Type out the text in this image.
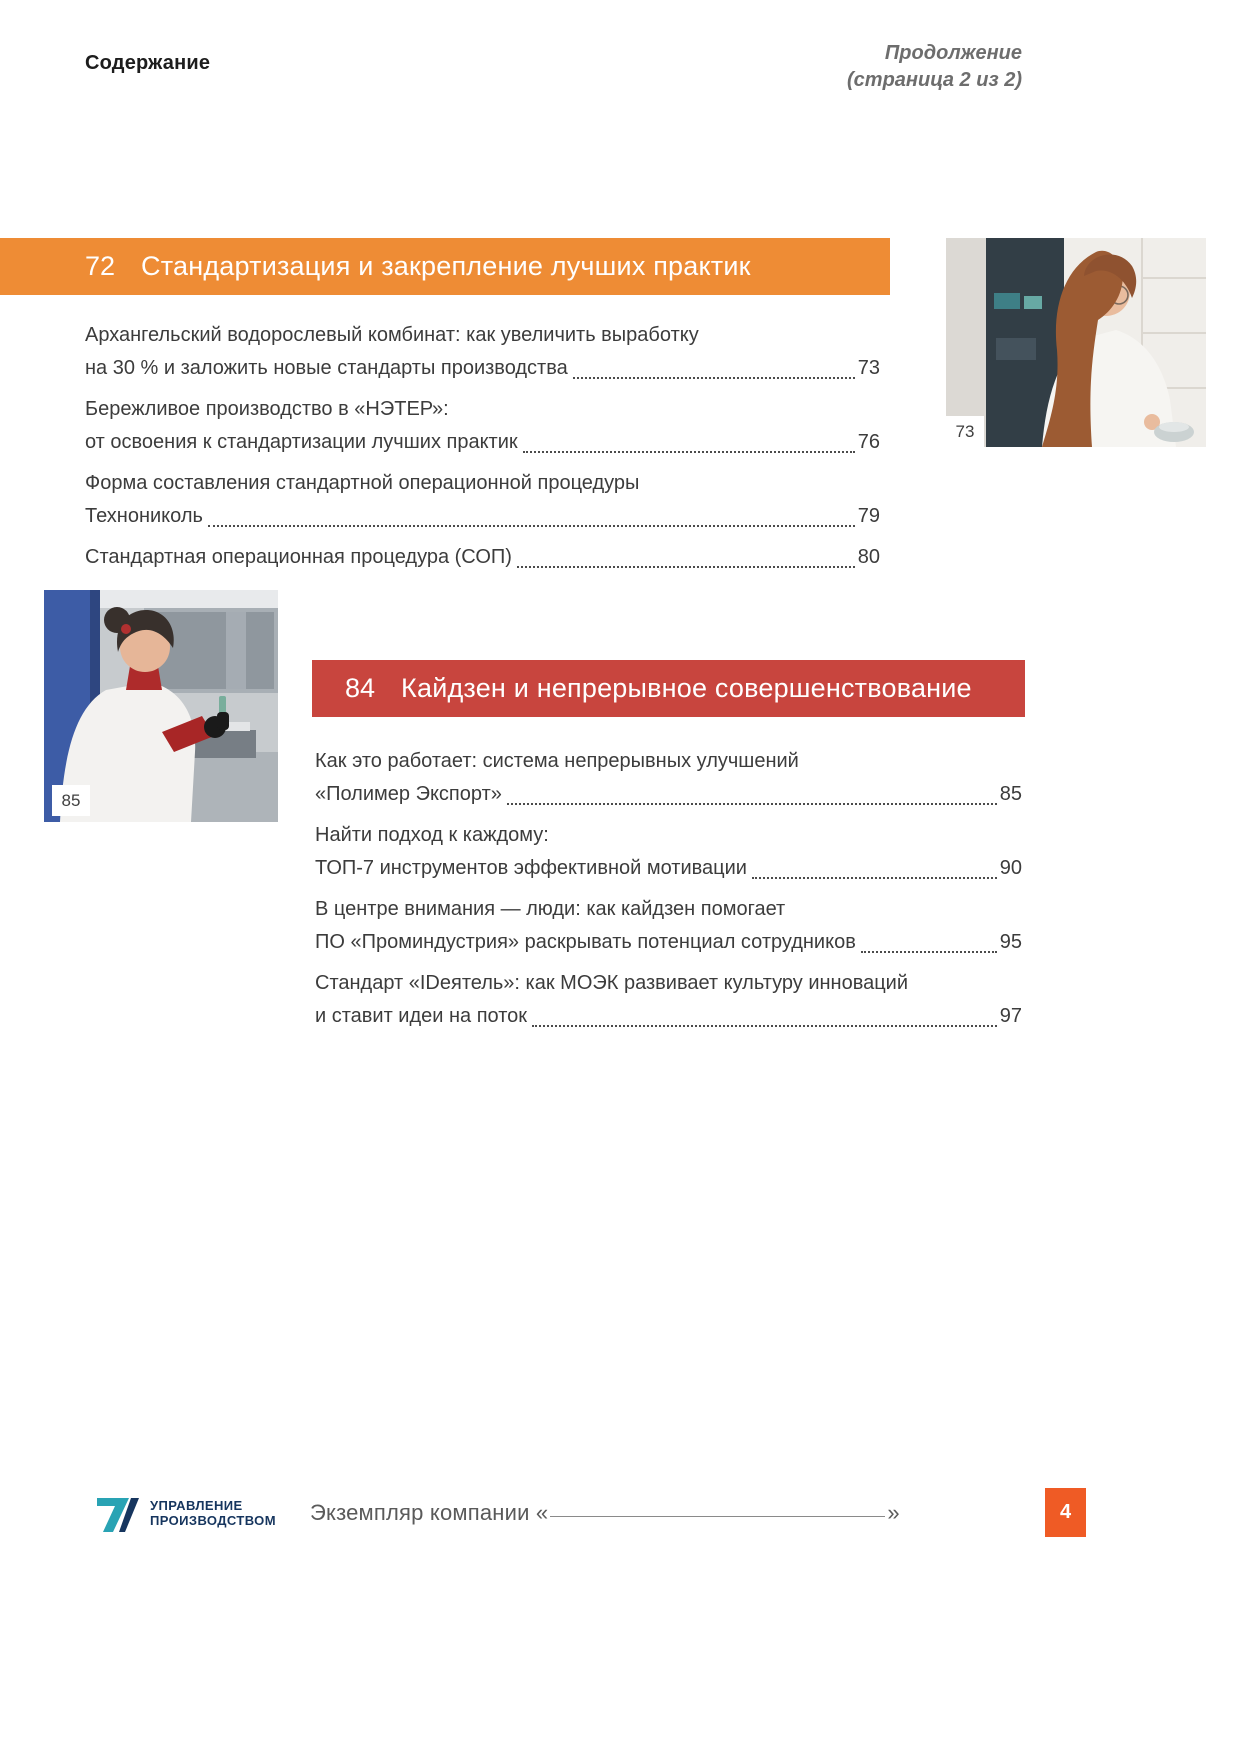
Содержание	Продолжение
(страница 2 из 2)
72 Стандартизация и закрепление лучших практик
Архангельский водорослевый комбинат: как увеличить выработку
на 30 % и заложить новые стандарты производства	73
Бережливое производство в «НЭТЕР»:
от освоения к стандартизации лучших практик	76
Форма составления стандартной операционной процедуры
Технониколь	79
Стандартная операционная процедура (СОП)	80
73
84 Кайдзен и непрерывное совершенствование
85
Как это работает: система непрерывных улучшений
«Полимер Экспорт»	85
Найти подход к каждому:
ТОП-7 инструментов эффективной мотивации	90
В центре внимания — люди: как кайдзен помогает
ПО «Проминдустрия» раскрывать потенциал сотрудников	95
Стандарт «IDеятель»: как МОЭК развивает культуру инноваций
и ставит идеи на поток	97
УПРАВЛЕНИЕ
ПРОИЗВОДСТВОМ Экземпляр компании «	»	4
